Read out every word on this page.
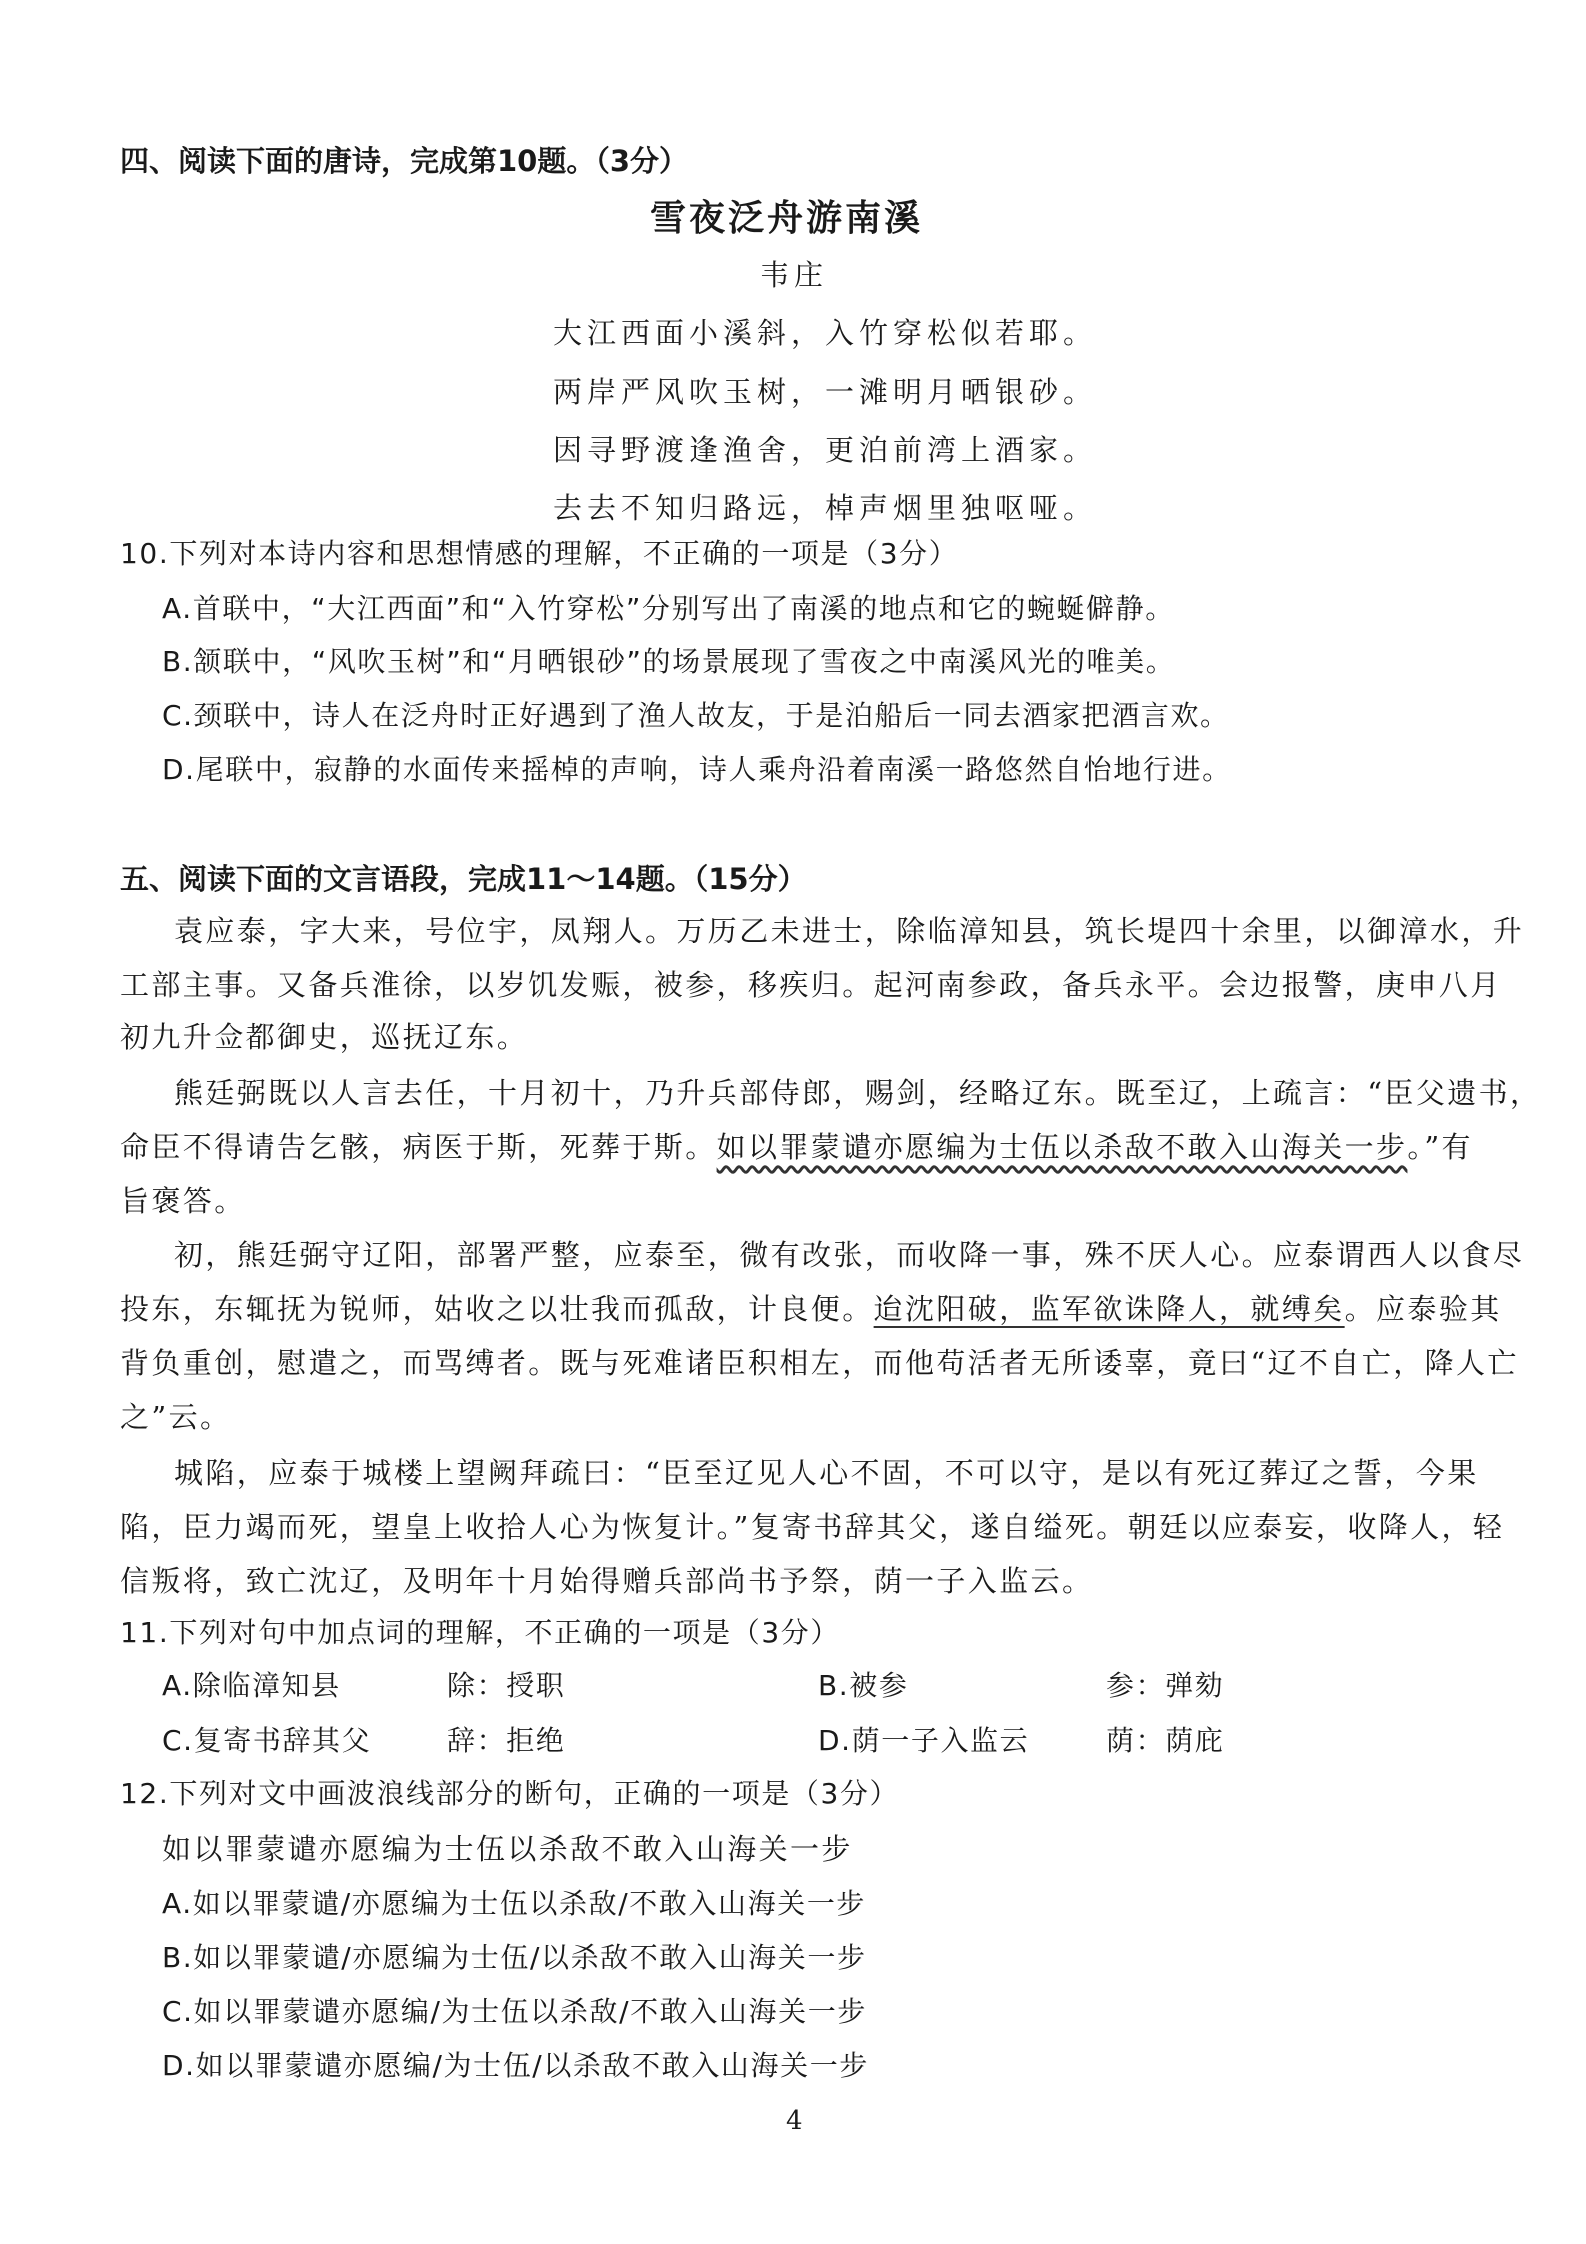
四、阅读下面的唐诗，完成第10题。（3分）
雪夜泛舟游南溪
韦庄
大江西面小溪斜，入竹穿松似若耶。
两岸严风吹玉树，一滩明月晒银砂。
因寻野渡逢渔舍，更泊前湾上酒家。
去去不知归路远，棹声烟里独呕哑。
10.下列对本诗内容和思想情感的理解，不正确的一项是（3分）
A.首联中，“大江西面”和“入竹穿松”分别写出了南溪的地点和它的蜿蜒僻静。
B.颔联中，“风吹玉树”和“月晒银砂”的场景展现了雪夜之中南溪风光的唯美。
C.颈联中，诗人在泛舟时正好遇到了渔人故友，于是泊船后一同去酒家把酒言欢。
D.尾联中，寂静的水面传来摇棹的声响，诗人乘舟沿着南溪一路悠然自怡地行进。
五、阅读下面的文言语段，完成11～14题。（15分）
袁应泰，字大来，号位宇，凤翔人。万历乙未进士，除临漳知县，筑长堤四十余里，以御漳水，升
工部主事。又备兵淮徐，以岁饥发赈，被参，移疾归。起河南参政，备兵永平。会边报警，庚申八月
初九升佥都御史，巡抚辽东。
熊廷弼既以人言去任，十月初十，乃升兵部侍郎，赐剑，经略辽东。既至辽，上疏言：“臣父遗书，
命臣不得请告乞骸，病医于斯，死葬于斯。如以罪蒙谴亦愿编为士伍以杀敌不敢入山海关一步。”有
旨褒答。
初，熊廷弼守辽阳，部署严整，应泰至，微有改张，而收降一事，殊不厌人心。应泰谓西人以食尽
投东，东辄抚为锐师，姑收之以壮我而孤敌，计良便。迨沈阳破，监军欲诛降人，就缚矣。应泰验其
背负重创，慰遣之，而骂缚者。既与死难诸臣积相左，而他苟活者无所诿辜，竟曰“辽不自亡，降人亡
之”云。
城陷，应泰于城楼上望阙拜疏曰：“臣至辽见人心不固，不可以守，是以有死辽葬辽之誓，今果
陷，臣力竭而死，望皇上收拾人心为恢复计。”复寄书辞其父，遂自缢死。朝廷以应泰妄，收降人，轻
信叛将，致亡沈辽，及明年十月始得赠兵部尚书予祭，荫一子入监云。
11.下列对句中加点词的理解，不正确的一项是（3分）
A.除临漳知县	除：授职	B.被参	参：弹劾
C.复寄书辞其父	辞：拒绝	D.荫一子入监云	荫：荫庇
12.下列对文中画波浪线部分的断句，正确的一项是（3分）
如以罪蒙谴亦愿编为士伍以杀敌不敢入山海关一步
A.如以罪蒙谴/亦愿编为士伍以杀敌/不敢入山海关一步
B.如以罪蒙谴/亦愿编为士伍/以杀敌不敢入山海关一步
C.如以罪蒙谴亦愿编/为士伍以杀敌/不敢入山海关一步
D.如以罪蒙谴亦愿编/为士伍/以杀敌不敢入山海关一步
4
